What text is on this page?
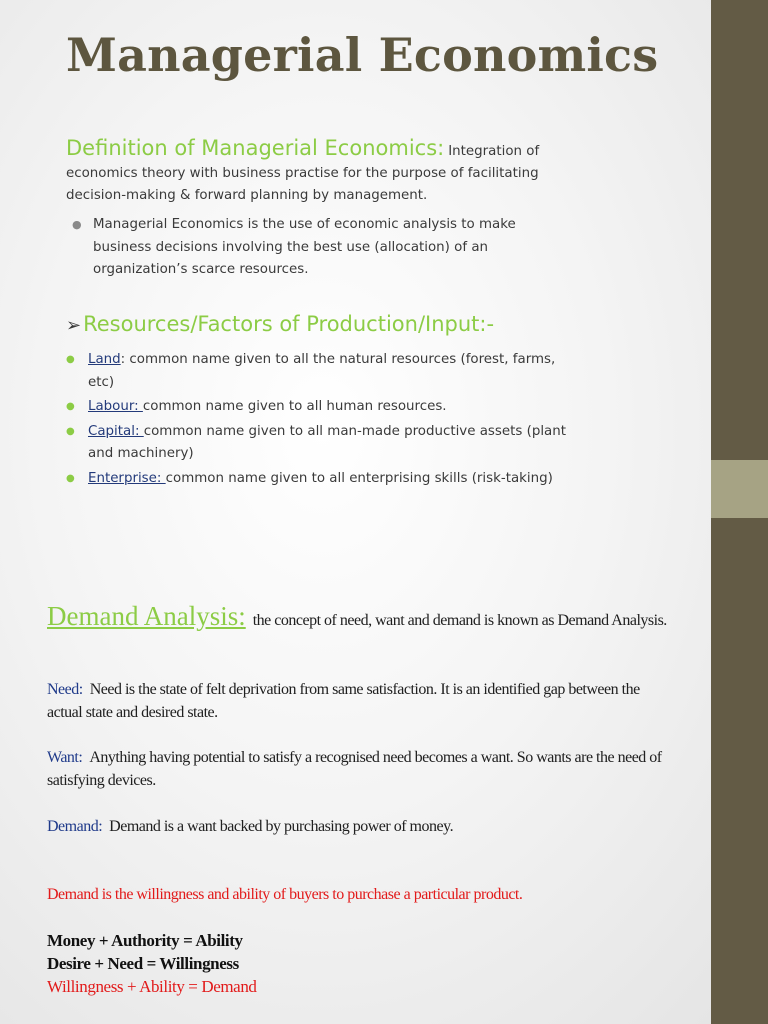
Managerial Economics
Definition of Managerial Economics: Integration of economics theory with business practise for the purpose of facilitating decision-making & forward planning by management.
● Managerial Economics is the use of economic analysis to make business decisions involving the best use (allocation) of an organization’s scarce resources.
➢Resources/Factors of Production/Input:-
● Land: common name given to all the natural resources (forest, farms, etc)
● Labour: common name given to all human resources.
● Capital: common name given to all man-made productive assets (plant and machinery)
● Enterprise: common name given to all enterprising skills (risk-taking)
Demand Analysis: the concept of need, want and demand is known as Demand Analysis.
Need: Need is the state of felt deprivation from same satisfaction. It is an identified gap between the actual state and desired state.
Want: Anything having potential to satisfy a recognised need becomes a want. So wants are the need of satisfying devices.
Demand: Demand is a want backed by purchasing power of money.
Demand is the willingness and ability of buyers to purchase a particular product.
Money + Authority = Ability
Desire + Need = Willingness
Willingness + Ability = Demand
